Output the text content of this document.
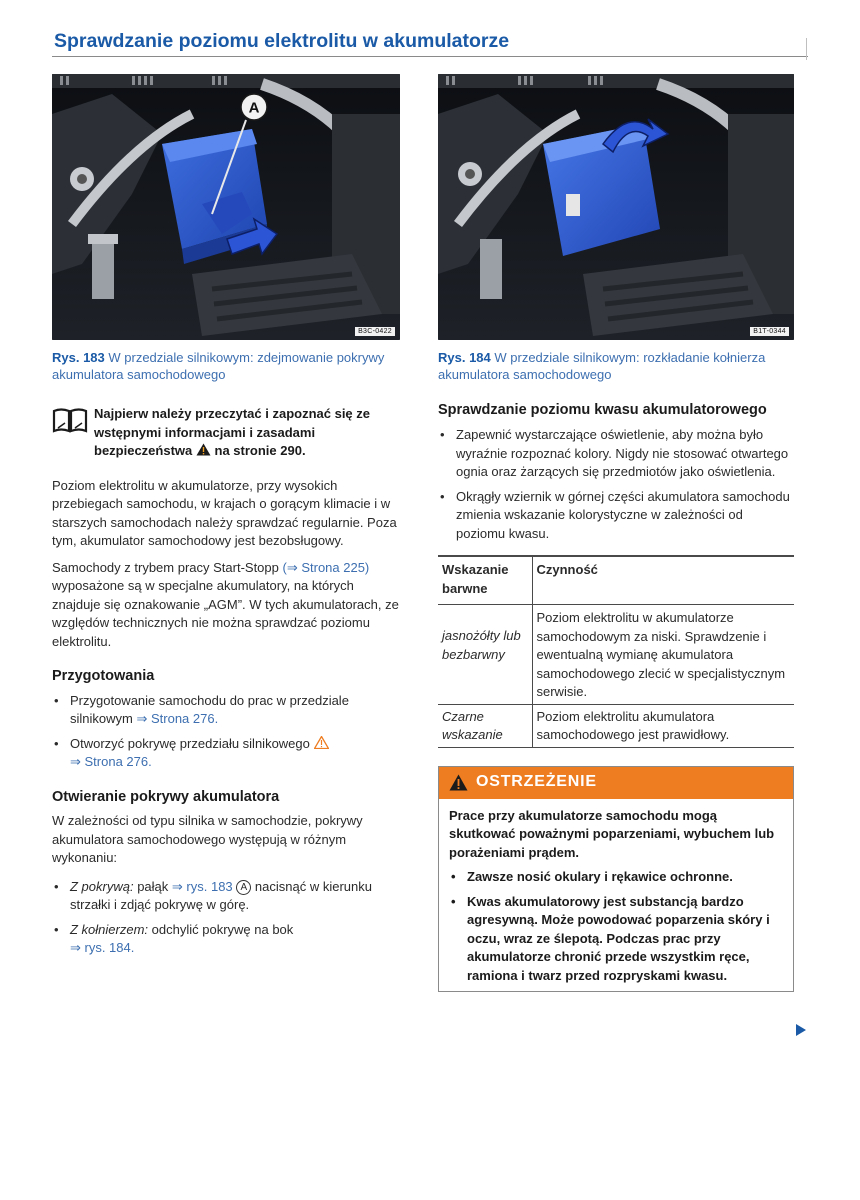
Sprawdzanie poziomu elektrolitu w akumulatorze
A
B3C-0422
Rys. 183 W przedziale silnikowym: zdejmowanie pokrywy akumulatora samochodowego
Najpierw należy przeczytać i zapoznać się ze wstępnymi informacjami i zasadami bezpieczeństwa na stronie 290.

Poziom elektrolitu w akumulatorze, przy wysokich przebiegach samochodu, w krajach o gorącym klimacie i w starszych samochodach należy sprawdzać regularnie. Poza tym, akumulator samochodowy jest bezobsługowy.

Samochody z trybem pracy Start-Stopp (⇒ Strona 225) wyposażone są w specjalne akumulatory, na których znajduje się oznakowanie „AGM”. W tych akumulatorach, ze względów technicznych nie można sprawdzać poziomu elektrolitu.

Przygotowania
• Przygotowanie samochodu do prac w przedziale silnikowym ⇒ Strona 276.
• Otworzyć pokrywę przedziału silnikowego
⇒ Strona 276.
Otwieranie pokrywy akumulatora

W zależności od typu silnika w samochodzie, pokrywy akumulatora samochodowego występują w różnym wykonaniu:

• Z pokrywą: pałąk ⇒ rys. 183 A nacisnąć w kierunku strzałki i zdjąć pokrywę w górę.
• Z kołnierzem: odchylić pokrywę na bok
⇒ rys. 184.
B1T-0344
Rys. 184 W przedziale silnikowym: rozkładanie kołnierza akumulatora samochodowego
Sprawdzanie poziomu kwasu akumulatorowego
• Zapewnić wystarczające oświetlenie, aby można było wyraźnie rozpoznać kolory. Nigdy nie stosować otwartego ognia oraz żarzących się przedmiotów jako oświetlenia.
• Okrągły wziernik w górnej części akumulatora samochodu zmienia wskazanie kolorystyczne w zależności od poziomu kwasu.
Wskazanie barwne	Czynność
jasnożółty lub bezbarwny	Poziom elektrolitu w akumulatorze samochodowym za niski. Sprawdzenie i ewentualną wymianę akumulatora samochodowego zlecić w specjalistycznym serwisie.
Czarne wskazanie	Poziom elektrolitu akumulatora samochodowego jest prawidłowy.
OSTRZEŻENIE

Prace przy akumulatorze samochodu mogą skutkować poważnymi poparzeniami, wybuchem lub porażeniami prądem.

• Zawsze nosić okulary i rękawice ochronne.
• Kwas akumulatorowy jest substancją bardzo agresywną. Może powodować poparzenia skóry i oczu, wraz ze ślepotą. Podczas prac przy akumulatorze chronić przede wszystkim ręce, ramiona i twarz przed rozpryskami kwasu.
